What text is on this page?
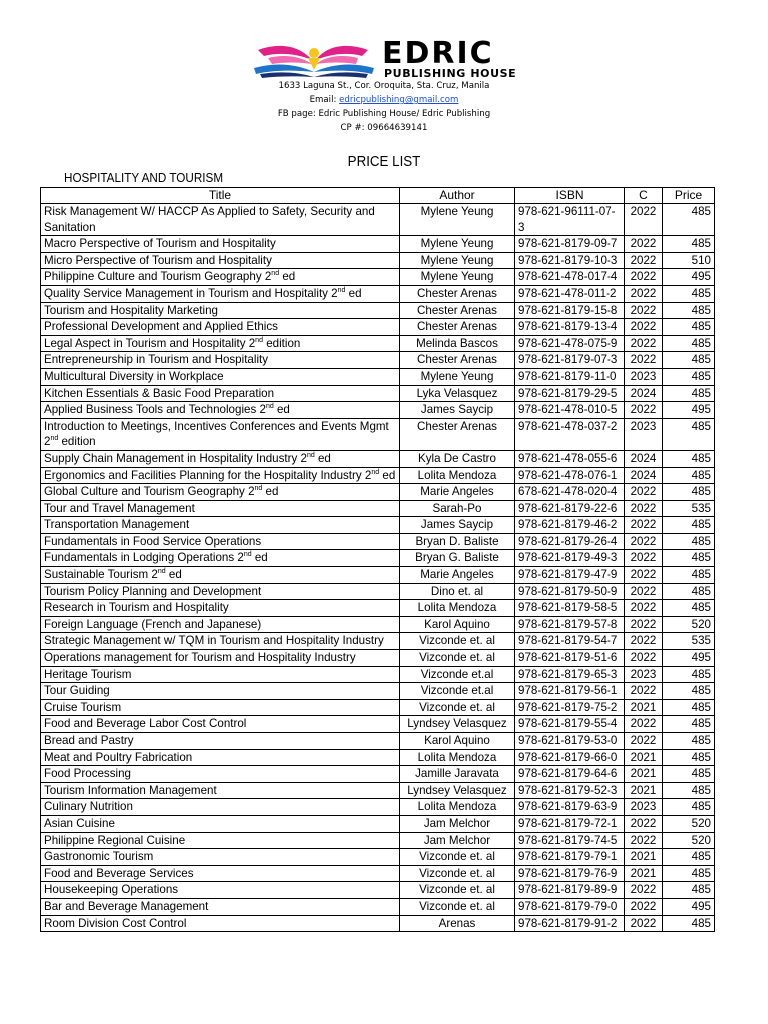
EDRIC
PUBLISHING HOUSE
1633 Laguna St., Cor. Oroquita, Sta. Cruz, Manila
Email: edricpublishing@gmail.com
FB page: Edric Publishing House/ Edric Publishing
CP #: 09664639141
PRICE LIST
HOSPITALITY AND TOURISM
Title	Author	ISBN	C	Price
Risk Management W/ HACCP As Applied to Safety, Security and Sanitation	Mylene Yeung	978-621-96111-07-3	2022	485
Macro Perspective of Tourism and Hospitality	Mylene Yeung	978-621-8179-09-7	2022	485
Micro Perspective of Tourism and Hospitality	Mylene Yeung	978-621-8179-10-3	2022	510
Philippine Culture and Tourism Geography 2nd ed	Mylene Yeung	978-621-478-017-4	2022	495
Quality Service Management in Tourism and Hospitality 2nd ed	Chester Arenas	978-621-478-011-2	2022	485
Tourism and Hospitality Marketing	Chester Arenas	978-621-8179-15-8	2022	485
Professional Development and Applied Ethics	Chester Arenas	978-621-8179-13-4	2022	485
Legal Aspect in Tourism and Hospitality 2nd edition	Melinda Bascos	978-621-478-075-9	2022	485
Entrepreneurship in Tourism and Hospitality	Chester Arenas	978-621-8179-07-3	2022	485
Multicultural Diversity in Workplace	Mylene Yeung	978-621-8179-11-0	2023	485
Kitchen Essentials & Basic Food Preparation	Lyka Velasquez	978-621-8179-29-5	2024	485
Applied Business Tools and Technologies 2nd ed	James Saycip	978-621-478-010-5	2022	495
Introduction to Meetings, Incentives Conferences and Events Mgmt 2nd edition	Chester Arenas	978-621-478-037-2	2023	485
Supply Chain Management in Hospitality Industry 2nd ed	Kyla De Castro	978-621-478-055-6	2024	485
Ergonomics and Facilities Planning for the Hospitality Industry 2nd ed	Lolita Mendoza	978-621-478-076-1	2024	485
Global Culture and Tourism Geography 2nd ed	Marie Angeles	678-621-478-020-4	2022	485
Tour and Travel Management	Sarah-Po	978-621-8179-22-6	2022	535
Transportation Management	James Saycip	978-621-8179-46-2	2022	485
Fundamentals in Food Service Operations	Bryan D. Baliste	978-621-8179-26-4	2022	485
Fundamentals in Lodging Operations 2nd ed	Bryan G. Baliste	978-621-8179-49-3	2022	485
Sustainable Tourism 2nd ed	Marie Angeles	978-621-8179-47-9	2022	485
Tourism Policy Planning and Development	Dino et. al	978-621-8179-50-9	2022	485
Research in Tourism and Hospitality	Lolita Mendoza	978-621-8179-58-5	2022	485
Foreign Language (French and Japanese)	Karol Aquino	978-621-8179-57-8	2022	520
Strategic Management w/ TQM in Tourism and Hospitality Industry	Vizconde et. al	978-621-8179-54-7	2022	535
Operations management for Tourism and Hospitality Industry	Vizconde et. al	978-621-8179-51-6	2022	495
Heritage Tourism	Vizconde et.al	978-621-8179-65-3	2023	485
Tour Guiding	Vizconde et.al	978-621-8179-56-1	2022	485
Cruise Tourism	Vizconde et. al	978-621-8179-75-2	2021	485
Food and Beverage Labor Cost Control	Lyndsey Velasquez	978-621-8179-55-4	2022	485
Bread and Pastry	Karol Aquino	978-621-8179-53-0	2022	485
Meat and Poultry Fabrication	Lolita Mendoza	978-621-8179-66-0	2021	485
Food Processing	Jamille Jaravata	978-621-8179-64-6	2021	485
Tourism Information Management	Lyndsey Velasquez	978-621-8179-52-3	2021	485
Culinary Nutrition	Lolita Mendoza	978-621-8179-63-9	2023	485
Asian Cuisine	Jam Melchor	978-621-8179-72-1	2022	520
Philippine Regional Cuisine	Jam Melchor	978-621-8179-74-5	2022	520
Gastronomic Tourism	Vizconde et. al	978-621-8179-79-1	2021	485
Food and Beverage Services	Vizconde et. al	978-621-8179-76-9	2021	485
Housekeeping Operations	Vizconde et. al	978-621-8179-89-9	2022	485
Bar and Beverage Management	Vizconde et. al	978-621-8179-79-0	2022	495
Room Division Cost Control	Arenas	978-621-8179-91-2	2022	485
